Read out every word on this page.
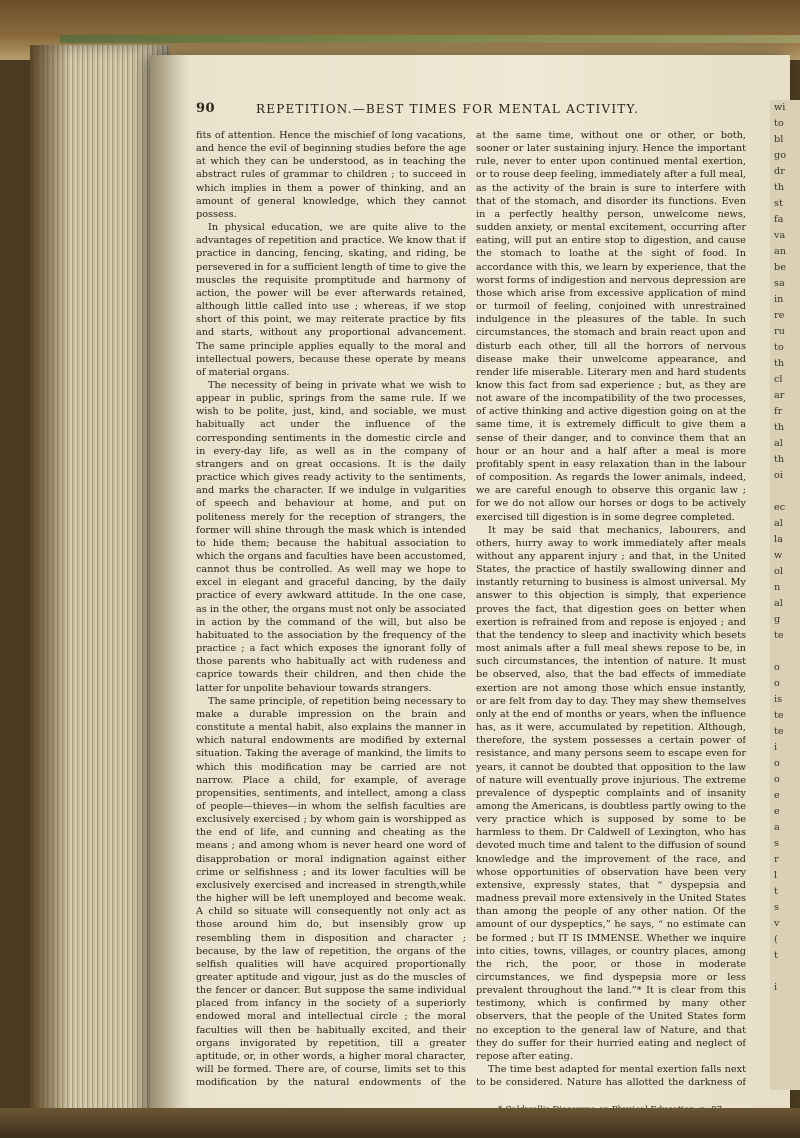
90	REPETITION.—BEST TIMES FOR MENTAL ACTIVITY.

fits of attention. Hence the mischief of long vacations, and hence the evil of beginning studies before the age at which they can be understood, as in teaching the abstract rules of grammar to children ; to succeed in which implies in them a power of thinking, and an amount of general knowledge, which they cannot possess.

In physical education, we are quite alive to the advantages of repetition and practice. We know that if practice in dancing, fencing, skating, and riding, be persevered in for a sufficient length of time to give the muscles the requisite promptitude and harmony of action, the power will be ever afterwards retained, although little called into use ; whereas, if we stop short of this point, we may reiterate practice by fits and starts, without any proportional advancement. The same principle applies equally to the moral and intellectual powers, because these operate by means of material organs.

The necessity of being in private what we wish to appear in public, springs from the same rule. If we wish to be polite, just, kind, and sociable, we must habitually act under the influence of the corresponding sentiments in the domestic circle and in every-day life, as well as in the company of strangers and on great occasions. It is the daily practice which gives ready activity to the sentiments, and marks the character. If we indulge in vulgarities of speech and behaviour at home, and put on politeness merely for the reception of strangers, the former will shine through the mask which is intended to hide them; because the habitual association to which the organs and faculties have been accustomed, cannot thus be controlled. As well may we hope to excel in elegant and graceful dancing, by the daily practice of every awkward attitude. In the one case, as in the other, the organs must not only be associated in action by the command of the will, but also be habituated to the association by the frequency of the practice ; a fact which exposes the ignorant folly of those parents who habitually act with rudeness and caprice towards their children, and then chide the latter for unpolite behaviour towards strangers.

The same principle, of repetition being necessary to make a durable impression on the brain and constitute a mental habit, also explains the manner in which natural endowments are modified by external situation. Taking the average of mankind, the limits to which this modification may be carried are not narrow. Place a child, for example, of average propensities, sentiments, and intellect, among a class of people—thieves—in whom the selfish faculties are exclusively exercised ; by whom gain is worshipped as the end of life, and cunning and cheating as the means ; and among whom is never heard one word of disapprobation or moral indignation against either crime or selfishness ; and its lower faculties will be exclusively exercised and increased in strength,while the higher will be left unemployed and become weak. A child so situate will consequently not only act as those around him do, but insensibly grow up resembling them in disposition and character ; because, by the law of repetition, the organs of the selfish qualities will have acquired proportionally greater aptitude and vigour, just as do the muscles of the fencer or dancer. But suppose the same individual placed from infancy in the society of a superiorly endowed moral and intellectual circle ; the moral faculties will then be habitually excited, and their organs invigorated by repetition, till a greater aptitude, or, in other words, a higher moral character, will be formed. There are, of course, limits set to this modification by the natural endowments of the

at the same time, without one or other, or both, sooner or later sustaining injury. Hence the important rule, never to enter upon continued mental exertion, or to rouse deep feeling, immediately after a full meal, as the activity of the brain is sure to interfere with that of the stomach, and disorder its functions. Even in a perfectly healthy person, unwelcome news, sudden anxiety, or mental excitement, occurring after eating, will put an entire stop to digestion, and cause the stomach to loathe at the sight of food. In accordance with this, we learn by experience, that the worst forms of indigestion and nervous depression are those which arise from excessive application of mind or turmoil of feeling, conjoined with unrestrained indulgence in the pleasures of the table. In such circumstances, the stomach and brain react upon and disturb each other, till all the horrors of nervous disease make their unwelcome appearance, and render life miserable. Literary men and hard students know this fact from sad experience ; but, as they are not aware of the incompatibility of the two processes, of active thinking and active digestion going on at the same time, it is extremely difficult to give them a sense of their danger, and to convince them that an hour or an hour and a half after a meal is more profitably spent in easy relaxation than in the labour of composition. As regards the lower animals, indeed, we are careful enough to observe this organic law ; for we do not allow our horses or dogs to be actively exercised till digestion is in some degree completed.

It may be said that mechanics, labourers, and others, hurry away to work immediately after meals without any apparent injury ; and that, in the United States, the practice of hastily swallowing dinner and instantly returning to business is almost universal. My answer to this objection is simply, that experience proves the fact, that digestion goes on better when exertion is refrained from and repose is enjoyed ; and that the tendency to sleep and inactivity which besets most animals after a full meal shews repose to be, in such circumstances, the intention of nature. It must be observed, also, that the bad effects of immediate exertion are not among those which ensue instantly, or are felt from day to day. They may shew themselves only at the end of months or years, when the influence has, as it were, accumulated by repetition. Although, therefore, the system possesses a certain power of resistance, and many persons seem to escape even for years, it cannot be doubted that opposition to the law of nature will eventually prove injurious. The extreme prevalence of dyspeptic complaints and of insanity among the Americans, is doubtless partly owing to the very practice which is supposed by some to be harmless to them. Dr Caldwell of Lexington, who has devoted much time and talent to the diffusion of sound knowledge and the improvement of the race, and whose opportunities of observation have been very extensive, expressly states, that “ dyspepsia and madness prevail more extensively in the United States than among the people of any other nation. Of the amount of our dyspeptics,” he says, “ no estimate can be formed ; but IT IS IMMENSE. Whether we inquire into cities, towns, villages, or country places, among the rich, the poor, or those in moderate circumstances, we find dyspepsia more or less prevalent throughout the land.”* It is clear from this testimony, which is confirmed by many other observers, that the people of the United States form no exception to the general law of Nature, and that they do suffer for their hurried eating and neglect of repose after eating.

The time best adapted for mental exertion falls next to be considered. Nature has allotted the darkness of

wi
to
bl
go
dr
th
st
fa
va
an
be
sa
in
re
ru
to
th
cl
ar
fr
th
al
th
oi

ec
al
la
w
ol
n
al
g
te

o
o
is
te
te
i
o
o
e
e
a
s
r
l
t
s
v
(
t

i
